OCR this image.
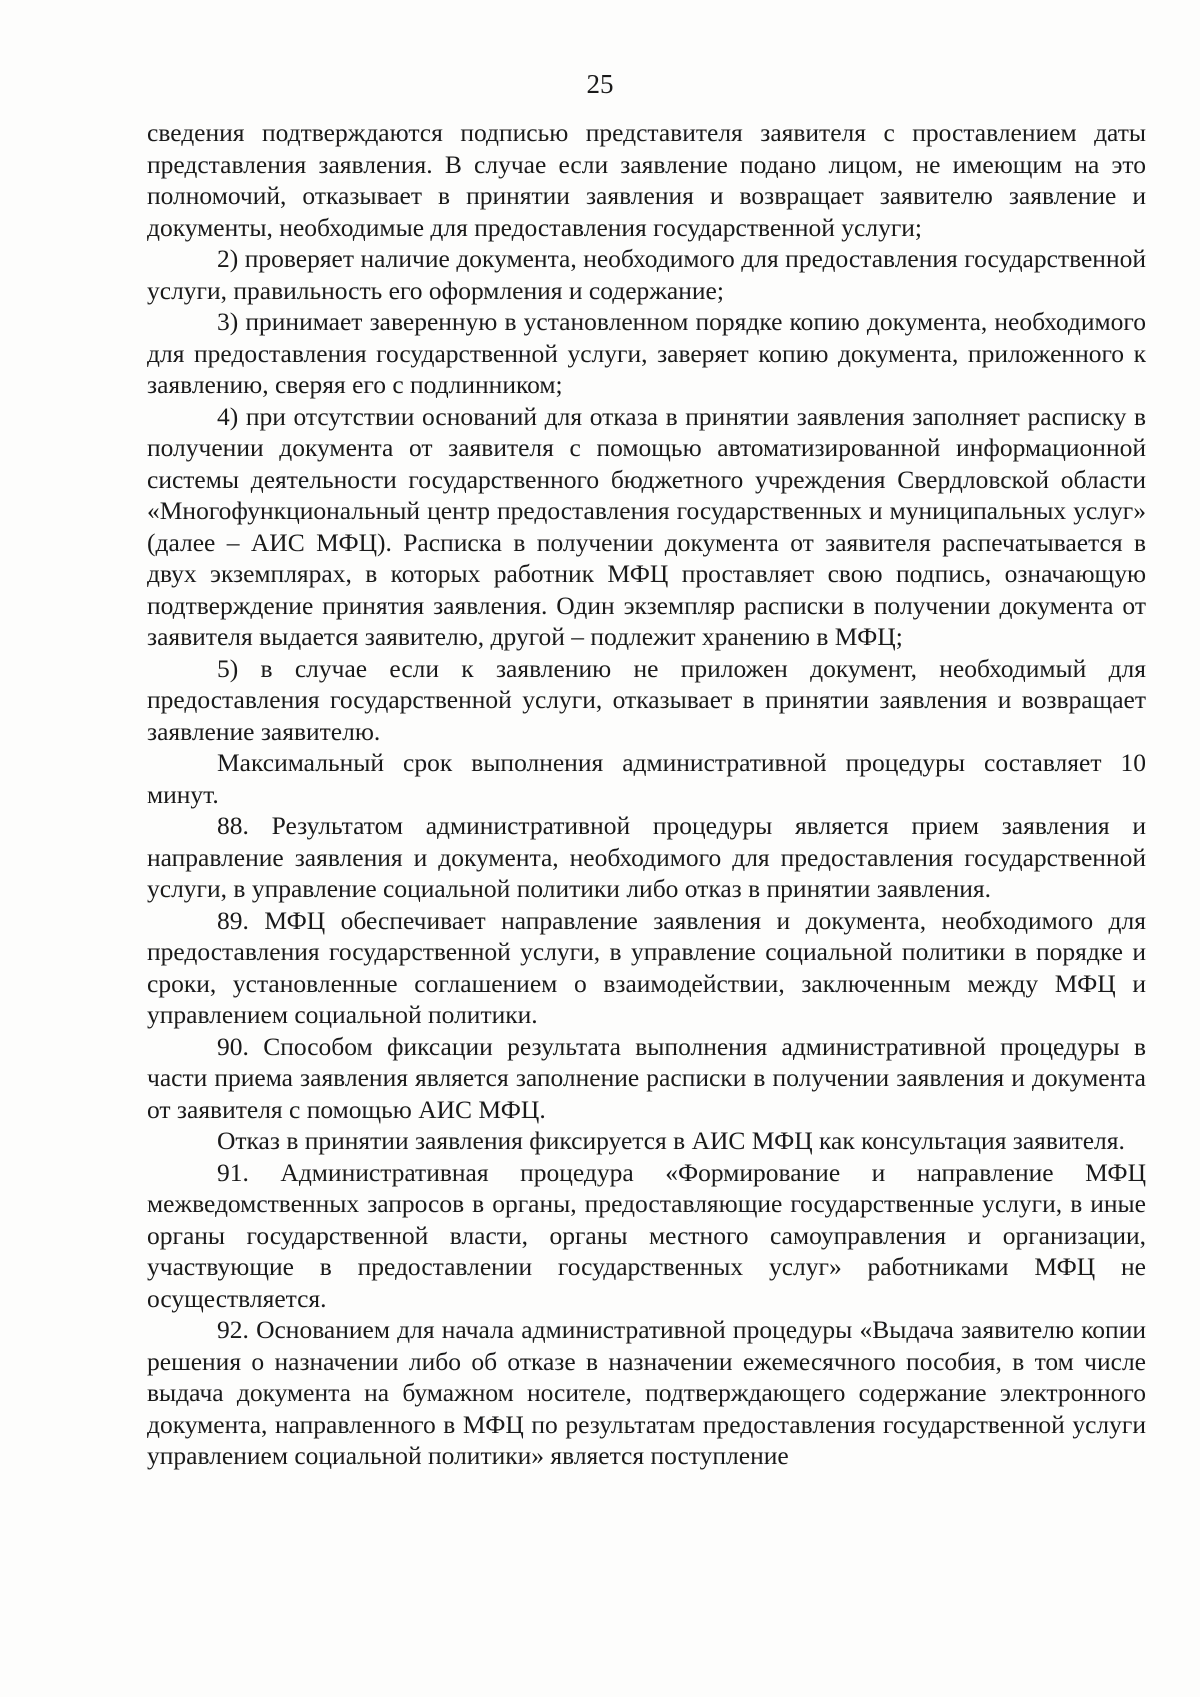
25

сведения подтверждаются подписью представителя заявителя с проставлением даты представления заявления. В случае если заявление подано лицом, не имеющим на это полномочий, отказывает в принятии заявления и возвращает заявителю заявление и документы, необходимые для предоставления государственной услуги;

2) проверяет наличие документа, необходимого для предоставления государственной услуги, правильность его оформления и содержание;

3) принимает заверенную в установленном порядке копию документа, необходимого для предоставления государственной услуги, заверяет копию документа, приложенного к заявлению, сверяя его с подлинником;

4) при отсутствии оснований для отказа в принятии заявления заполняет расписку в получении документа от заявителя с помощью автоматизированной информационной системы деятельности государственного бюджетного учреждения Свердловской области «Многофункциональный центр предоставления государственных и муниципальных услуг» (далее – АИС МФЦ). Расписка в получении документа от заявителя распечатывается в двух экземплярах, в которых работник МФЦ проставляет свою подпись, означающую подтверждение принятия заявления. Один экземпляр расписки в получении документа от заявителя выдается заявителю, другой – подлежит хранению в МФЦ;

5) в случае если к заявлению не приложен документ, необходимый для предоставления государственной услуги, отказывает в принятии заявления и возвращает заявление заявителю.

Максимальный срок выполнения административной процедуры составляет 10 минут.

88. Результатом административной процедуры является прием заявления и направление заявления и документа, необходимого для предоставления государственной услуги, в управление социальной политики либо отказ в принятии заявления.

89. МФЦ обеспечивает направление заявления и документа, необходимого для предоставления государственной услуги, в управление социальной политики в порядке и сроки, установленные соглашением о взаимодействии, заключенным между МФЦ и управлением социальной политики.

90. Способом фиксации результата выполнения административной процедуры в части приема заявления является заполнение расписки в получении заявления и документа от заявителя с помощью АИС МФЦ.

Отказ в принятии заявления фиксируется в АИС МФЦ как консультация заявителя.

91. Административная процедура «Формирование и направление МФЦ межведомственных запросов в органы, предоставляющие государственные услуги, в иные органы государственной власти, органы местного самоуправления и организации, участвующие в предоставлении государственных услуг» работниками МФЦ не осуществляется.

92. Основанием для начала административной процедуры «Выдача заявителю копии решения о назначении либо об отказе в назначении ежемесячного пособия, в том числе выдача документа на бумажном носителе, подтверждающего содержание электронного документа, направленного в МФЦ по результатам предоставления государственной услуги управлением социальной политики» является поступление
